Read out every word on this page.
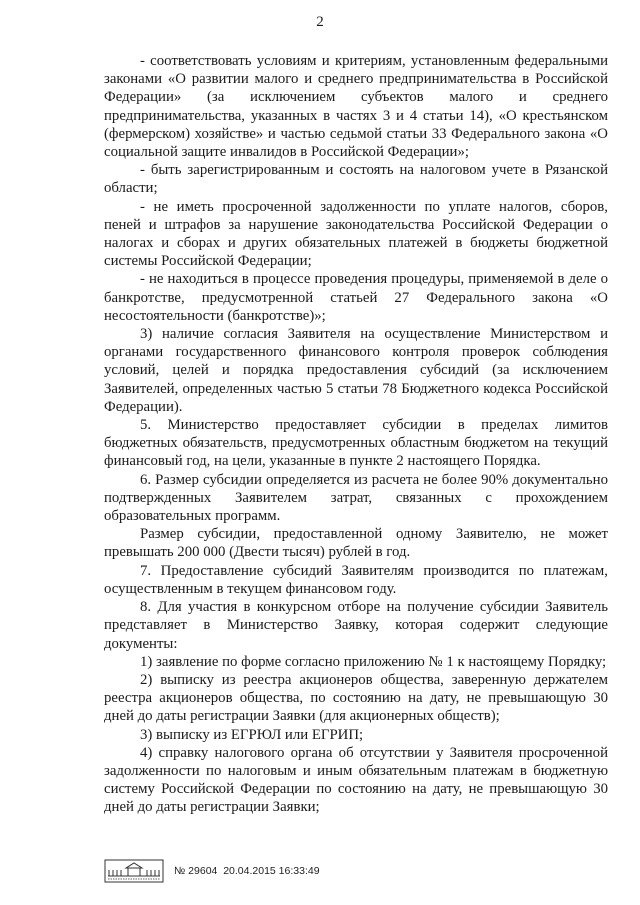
2

- соответствовать условиям и критериям, установленным федеральными законами «О развитии малого и среднего предпринимательства в Российской Федерации» (за исключением субъектов малого и среднего предпринимательства, указанных в частях 3 и 4 статьи 14), «О крестьянском (фермерском) хозяйстве» и частью седьмой статьи 33 Федерального закона «О социальной защите инвалидов в Российской Федерации»;

- быть зарегистрированным и состоять на налоговом учете в Рязанской области;

- не иметь просроченной задолженности по уплате налогов, сборов, пеней и штрафов за нарушение законодательства Российской Федерации о налогах и сборах и других обязательных платежей в бюджеты бюджетной системы Российской Федерации;

- не находиться в процессе проведения процедуры, применяемой в деле о банкротстве, предусмотренной статьей 27 Федерального закона «О несостоятельности (банкротстве)»;

3) наличие согласия Заявителя на осуществление Министерством и органами государственного финансового контроля проверок соблюдения условий, целей и порядка предоставления субсидий (за исключением Заявителей, определенных частью 5 статьи 78 Бюджетного кодекса Российской Федерации).

5. Министерство предоставляет субсидии в пределах лимитов бюджетных обязательств, предусмотренных областным бюджетом на текущий финансовый год, на цели, указанные в пункте 2 настоящего Порядка.

6. Размер субсидии определяется из расчета не более 90% документально подтвержденных Заявителем затрат, связанных с прохождением образовательных программ.

Размер субсидии, предоставленной одному Заявителю, не может превышать 200 000 (Двести тысяч) рублей в год.

7. Предоставление субсидий Заявителям производится по платежам, осуществленным в текущем финансовом году.

8. Для участия в конкурсном отборе на получение субсидии Заявитель представляет в Министерство Заявку, которая содержит следующие документы:

1) заявление по форме согласно приложению № 1 к настоящему Порядку;

2) выписку из реестра акционеров общества, заверенную держателем реестра акционеров общества, по состоянию на дату, не превышающую 30 дней до даты регистрации Заявки (для акционерных обществ);

3) выписку из ЕГРЮЛ или ЕГРИП;

4) справку налогового органа об отсутствии у Заявителя просроченной задолженности по налоговым и иным обязательным платежам в бюджетную систему Российской Федерации по состоянию на дату, не превышающую 30 дней до даты регистрации Заявки;

№ 29604  20.04.2015 16:33:49
